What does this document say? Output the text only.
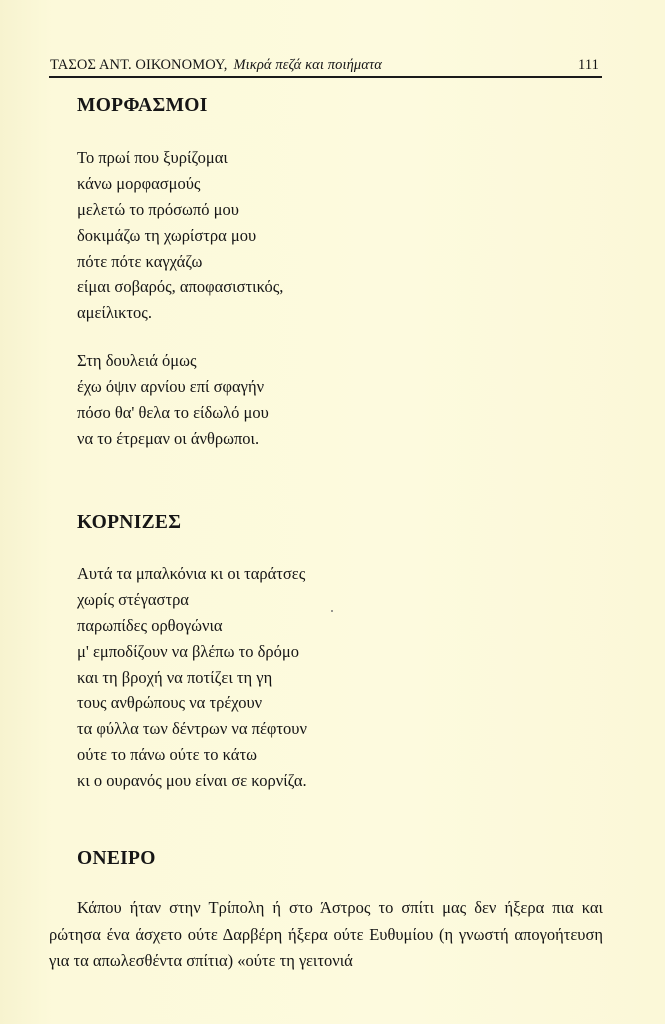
ΤΑΣΟΣ ΑΝΤ. ΟΙΚΟΝΟΜΟΥ, Μικρά πεζά και ποιήματα	111
ΜΟΡΦΑΣΜΟΙ
Το πρωί που ξυρίζομαι
κάνω μορφασμούς
μελετώ το πρόσωπό μου
δοκιμάζω τη χωρίστρα μου
πότε πότε καγχάζω
είμαι σοβαρός, αποφασιστικός,
αμείλικτος.
Στη δουλειά όμως
έχω όψιν αρνίου επί σφαγήν
πόσο θα' θελα το είδωλό μου
να το έτρεμαν οι άνθρωποι.
ΚΟΡΝΙΖΕΣ
Αυτά τα μπαλκόνια κι οι ταράτσες
χωρίς στέγαστρα
παρωπίδες ορθογώνια
μ' εμποδίζουν να βλέπω το δρόμο
και τη βροχή να ποτίζει τη γη
τους ανθρώπους να τρέχουν
τα φύλλα των δέντρων να πέφτουν
ούτε το πάνω ούτε το κάτω
κι ο ουρανός μου είναι σε κορνίζα.
ΟΝΕΙΡΟ

Κάπου ήταν στην Τρίπολη ή στο Άστρος το σπίτι μας δεν ήξερα πια και ρώτησα ένα άσχετο ούτε Δαρβέρη ήξερα ούτε Ευθυμίου (η γνωστή απογοήτευση για τα απωλεσθέντα σπίτια) «ούτε τη γειτονιά
